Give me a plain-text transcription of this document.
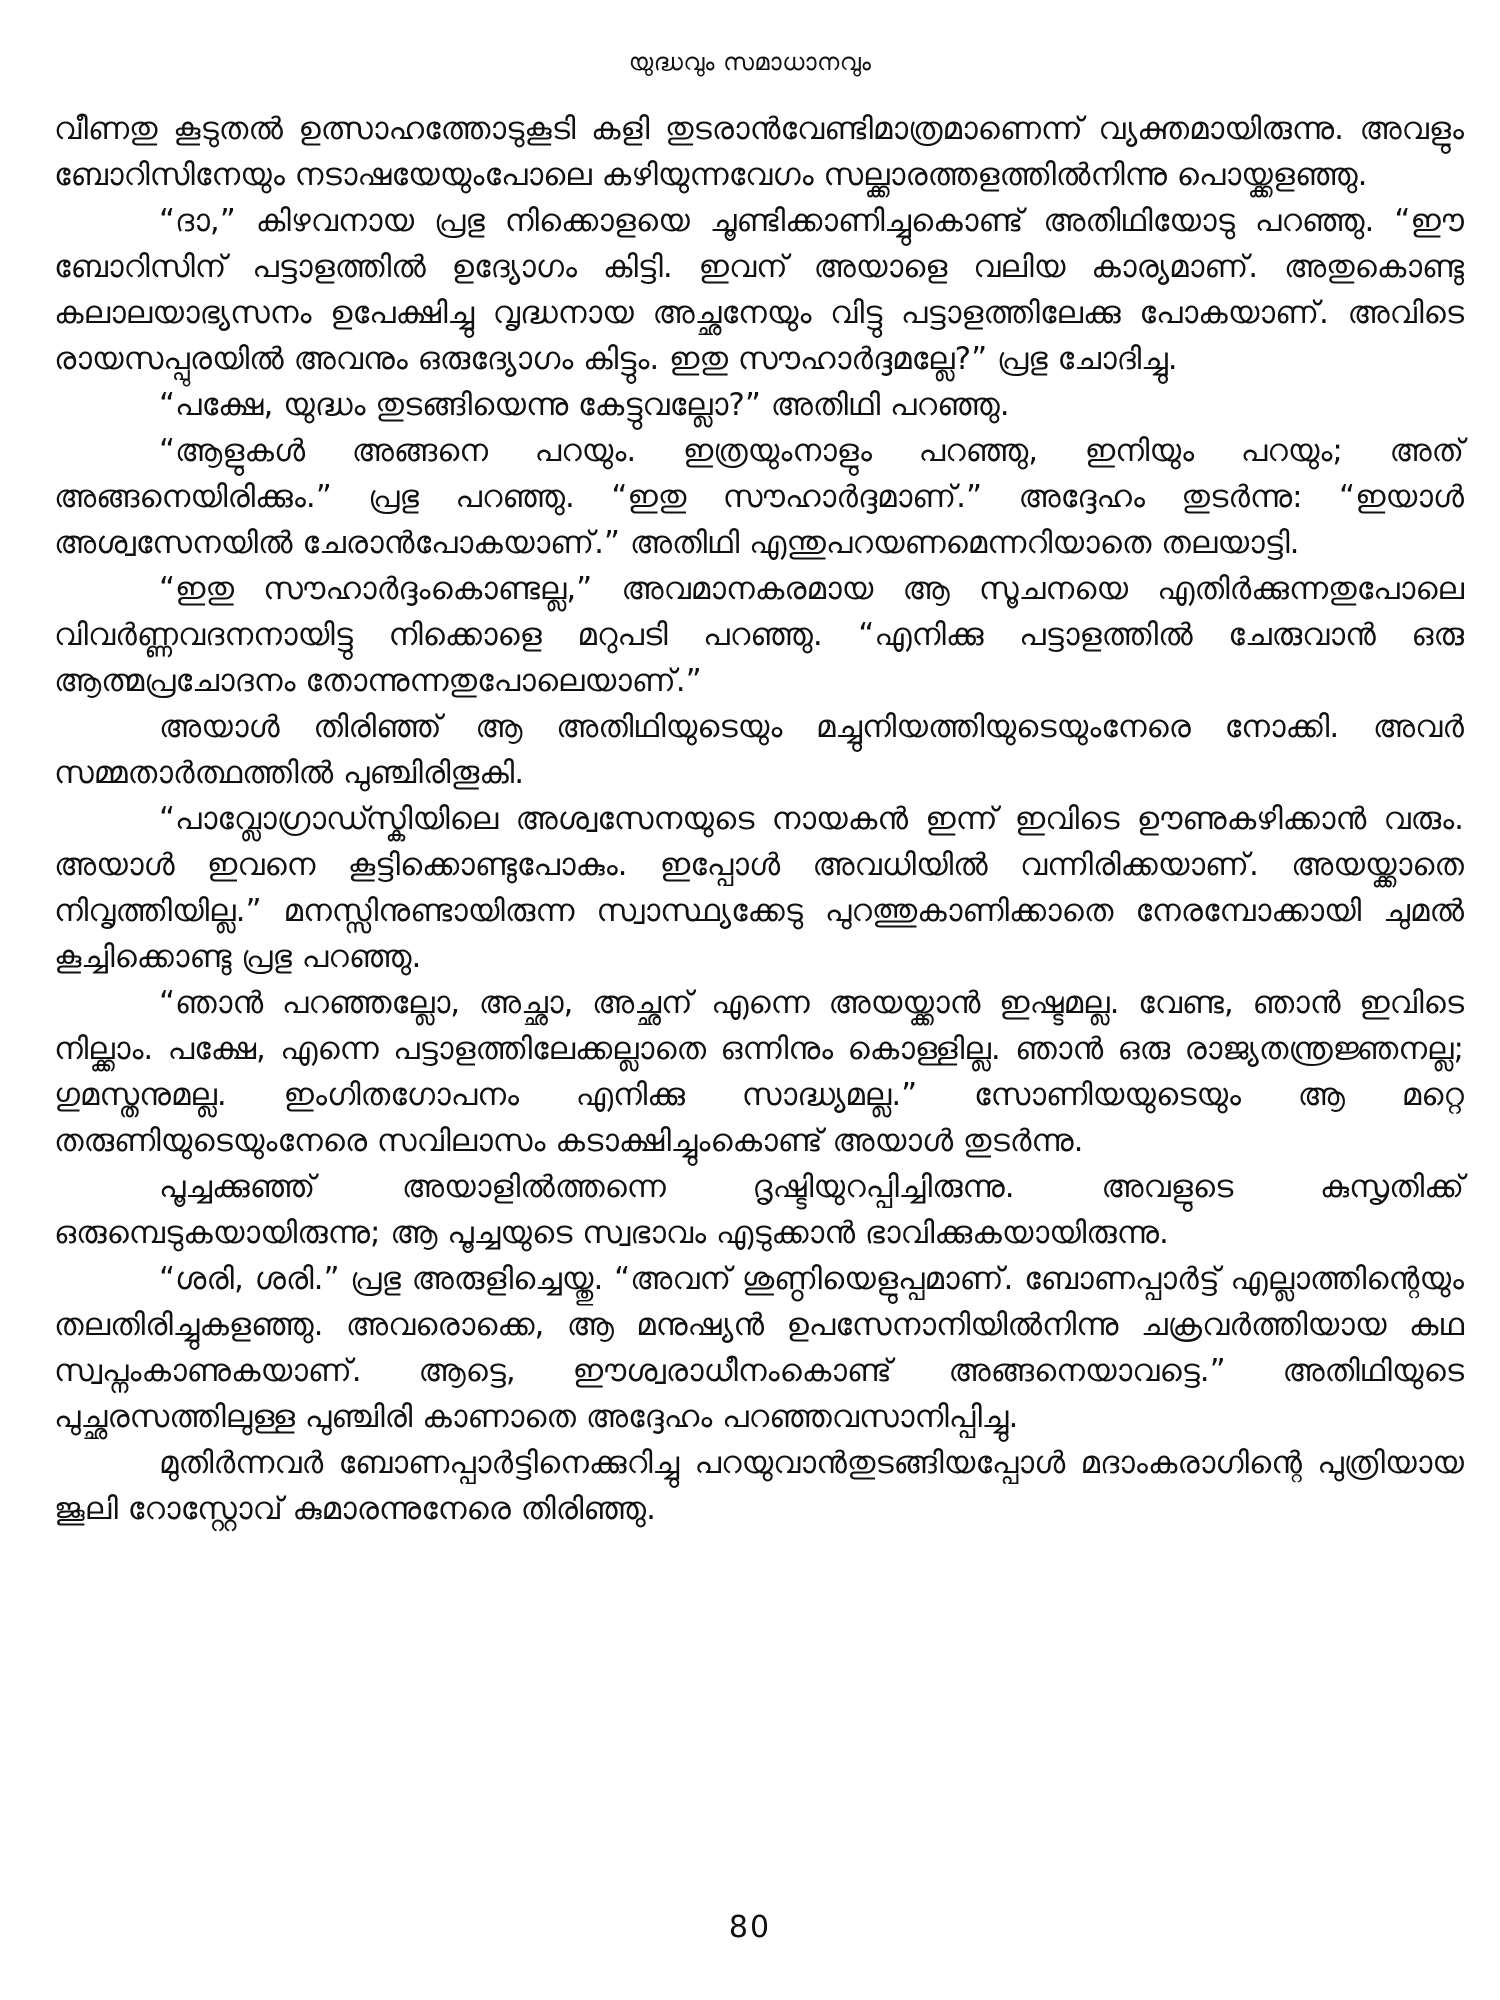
യുദ്ധവും സമാധാനവും

വീണതു കൂടുതൽ ഉത്സാഹത്തോടുകൂടി കളി തുടരാൻവേണ്ടിമാത്രമാണെന്ന് വ്യക്തമായിരുന്നു. അവളും ബോറിസിനേയും നടാഷയേയുംപോലെ കഴിയുന്നവേഗം സല്ക്കാരത്തളത്തിൽനിന്നു പൊയ്ക്കളഞ്ഞു.

“ദാ,” കിഴവനായ പ്രഭു നിക്കൊളയെ ചൂണ്ടിക്കാണിച്ചുകൊണ്ട് അതിഥിയോടു പറഞ്ഞു. “ഈ ബോറിസിന് പട്ടാളത്തിൽ ഉദ്യോഗം കിട്ടി. ഇവന് അയാളെ വലിയ കാര്യമാണ്. അതുകൊണ്ടു കലാലയാഭ്യസനം ഉപേക്ഷിച്ചു വൃദ്ധനായ അച്ഛനേയും വിട്ടു പട്ടാളത്തിലേക്കു പോകയാണ്. അവിടെ രായസപ്പുരയിൽ അവനും ഒരുദ്യോഗം കിട്ടും. ഇതു സൗഹാർദ്ദമല്ലേ?” പ്രഭു ചോദിച്ചു.

“പക്ഷേ, യുദ്ധം തുടങ്ങിയെന്നു കേട്ടുവല്ലോ?” അതിഥി പറഞ്ഞു.

“ആളുകൾ അങ്ങനെ പറയും. ഇത്രയുംനാളും പറഞ്ഞു, ഇനിയും പറയും; അത് അങ്ങനെയിരിക്കും.” പ്രഭു പറഞ്ഞു. “ഇതു സൗഹാർദ്ദമാണ്.” അദ്ദേഹം തുടർന്നു: “ഇയാൾ അശ്വസേനയിൽ ചേരാൻപോകയാണ്.” അതിഥി എന്തുപറയണമെന്നറിയാതെ തലയാട്ടി.

“ഇതു സൗഹാർദ്ദംകൊണ്ടല്ല,” അവമാനകരമായ ആ സൂചനയെ എതിർക്കുന്നതുപോലെ വിവർണ്ണവദനനായിട്ടു നിക്കൊളെ മറുപടി പറഞ്ഞു. “എനിക്കു പട്ടാളത്തിൽ ചേരുവാൻ ഒരു ആത്മപ്രചോദനം തോന്നുന്നതുപോലെയാണ്.”

അയാൾ തിരിഞ്ഞ് ആ അതിഥിയുടെയും മച്ചുനിയത്തിയുടെയുംനേരെ നോക്കി. അവർ സമ്മതാർത്ഥത്തിൽ പുഞ്ചിരിതൂകി.

“പാവ്ലോഗ്രാഡ്സ്കിയിലെ അശ്വസേനയുടെ നായകൻ ഇന്ന് ഇവിടെ ഊണുകഴിക്കാൻ വരും. അയാൾ ഇവനെ കൂട്ടിക്കൊണ്ടുപോകും. ഇപ്പോൾ അവധിയിൽ വന്നിരിക്കയാണ്. അയയ്ക്കാതെ നിവൃത്തിയില്ല.” മനസ്സിനുണ്ടായിരുന്ന സ്വാസ്ഥ്യക്കേടു പുറത്തുകാണിക്കാതെ നേരമ്പോക്കായി ചുമൽ കൂച്ചിക്കൊണ്ടു പ്രഭു പറഞ്ഞു.

“ഞാൻ പറഞ്ഞല്ലോ, അച്ഛാ, അച്ഛന് എന്നെ അയയ്ക്കാൻ ഇഷ്ടമല്ല. വേണ്ട, ഞാൻ ഇവിടെ നില്ക്കാം. പക്ഷേ, എന്നെ പട്ടാളത്തിലേക്കല്ലാതെ ഒന്നിനും കൊള്ളില്ല. ഞാൻ ഒരു രാജ്യതന്ത്രജ്ഞനല്ല; ഗുമസ്തനുമല്ല. ഇംഗിതഗോപനം എനിക്കു സാദ്ധ്യമല്ല.” സോണിയയുടെയും ആ മറ്റെ തരുണിയുടെയുംനേരെ സവിലാസം കടാക്ഷിച്ചുംകൊണ്ട് അയാൾ തുടർന്നു.

പൂച്ചക്കുഞ്ഞ് അയാളിൽത്തന്നെ ദൃഷ്ടിയുറപ്പിച്ചിരുന്നു. അവളുടെ കുസൃതിക്ക് ഒരുമ്പെടുകയായിരുന്നു; ആ പൂച്ചയുടെ സ്വഭാവം എടുക്കാൻ ഭാവിക്കുകയായിരുന്നു.

“ശരി, ശരി.” പ്രഭു അരുളിച്ചെയ്തു. “അവന് ശുണ്ഠിയെളുപ്പമാണ്. ബോണപ്പാർട്ട് എല്ലാത്തിന്റെയും തലതിരിച്ചുകളഞ്ഞു. അവരൊക്കെ, ആ മനുഷ്യൻ ഉപസേനാനിയിൽനിന്നു ചക്രവർത്തിയായ കഥ സ്വപ്നംകാണുകയാണ്. ആട്ടെ, ഈശ്വരാധീനംകൊണ്ട് അങ്ങനെയാവട്ടെ.” അതിഥിയുടെ പുച്ഛരസത്തിലുള്ള പുഞ്ചിരി കാണാതെ അദ്ദേഹം പറഞ്ഞവസാനിപ്പിച്ചു.

മുതിർന്നവർ ബോണപ്പാർട്ടിനെക്കുറിച്ചു പറയുവാൻതുടങ്ങിയപ്പോൾ മദാംകരാഗിന്റെ പുത്രിയായ ജൂലി റോസ്റ്റോവ് കുമാരന്നുനേരെ തിരിഞ്ഞു.

80
